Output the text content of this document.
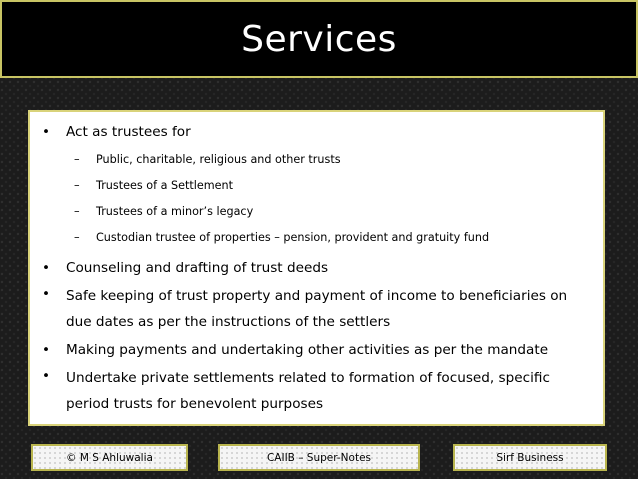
Services
•	Act as trustees for
–	Public, charitable, religious and other trusts
–	Trustees of a Settlement
–	Trustees of a minor’s legacy
–	Custodian trustee of properties – pension, provident and gratuity fund
•	Counseling and drafting of trust deeds
•	Safe keeping of trust property and payment of income to beneficiaries on due dates as per the instructions of the settlers
•	Making payments and undertaking other activities as per the mandate
•	Undertake private settlements related to formation of focused, specific period trusts for benevolent purposes
© M S Ahluwalia	CAIIB – Super-Notes	Sirf Business
